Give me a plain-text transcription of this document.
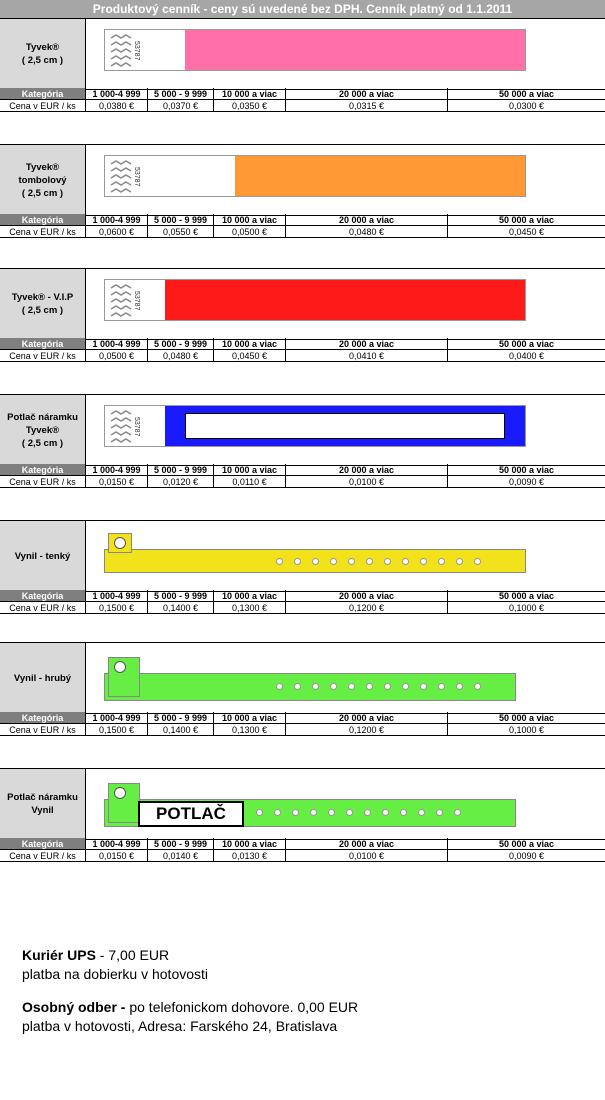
Produktový cenník - ceny sú uvedené bez DPH. Cenník platný od 1.1.2011
Tyvek®
( 2,5 cm )
53787
Kategória	1 000-4 999	5 000 - 9 999	10 000 a viac	20 000 a viac	50 000 a viac
Cena v EUR / ks	0,0380 €	0,0370 €	0,0350 €	0,0315 €	0,0300 €
Tyvek®
tombolový
( 2,5 cm )
53787
Kategória	1 000-4 999	5 000 - 9 999	10 000 a viac	20 000 a viac	50 000 a viac
Cena v EUR / ks	0,0600 €	0,0550 €	0,0500 €	0,0480 €	0,0450 €
Tyvek® - V.I.P
( 2,5 cm )
53787
Kategória	1 000-4 999	5 000 - 9 999	10 000 a viac	20 000 a viac	50 000 a viac
Cena v EUR / ks	0,0500 €	0,0480 €	0,0450 €	0,0410 €	0,0400 €
Potlač náramku
Tyvek®
( 2,5 cm )
53787
Kategória	1 000-4 999	5 000 - 9 999	10 000 a viac	20 000 a viac	50 000 a viac
Cena v EUR / ks	0,0150 €	0,0120 €	0,0110 €	0,0100 €	0,0090 €
Vynil - tenký
Kategória	1 000-4 999	5 000 - 9 999	10 000 a viac	20 000 a viac	50 000 a viac
Cena v EUR / ks	0,1500 €	0,1400 €	0,1300 €	0,1200 €	0,1000 €
Vynil - hrubý
Kategória	1 000-4 999	5 000 - 9 999	10 000 a viac	20 000 a viac	50 000 a viac
Cena v EUR / ks	0,1500 €	0,1400 €	0,1300 €	0,1200 €	0,1000 €
Potlač náramku
Vynil	POTLAČ
Kategória	1 000-4 999	5 000 - 9 999	10 000 a viac	20 000 a viac	50 000 a viac
Cena v EUR / ks	0,0150 €	0,0140 €	0,0130 €	0,0100 €	0,0090 €
Kuriér UPS - 7,00 EUR
platba na dobierku v hotovosti
Osobný odber - po telefonickom dohovore. 0,00 EUR
platba v hotovosti, Adresa: Farského 24, Bratislava
